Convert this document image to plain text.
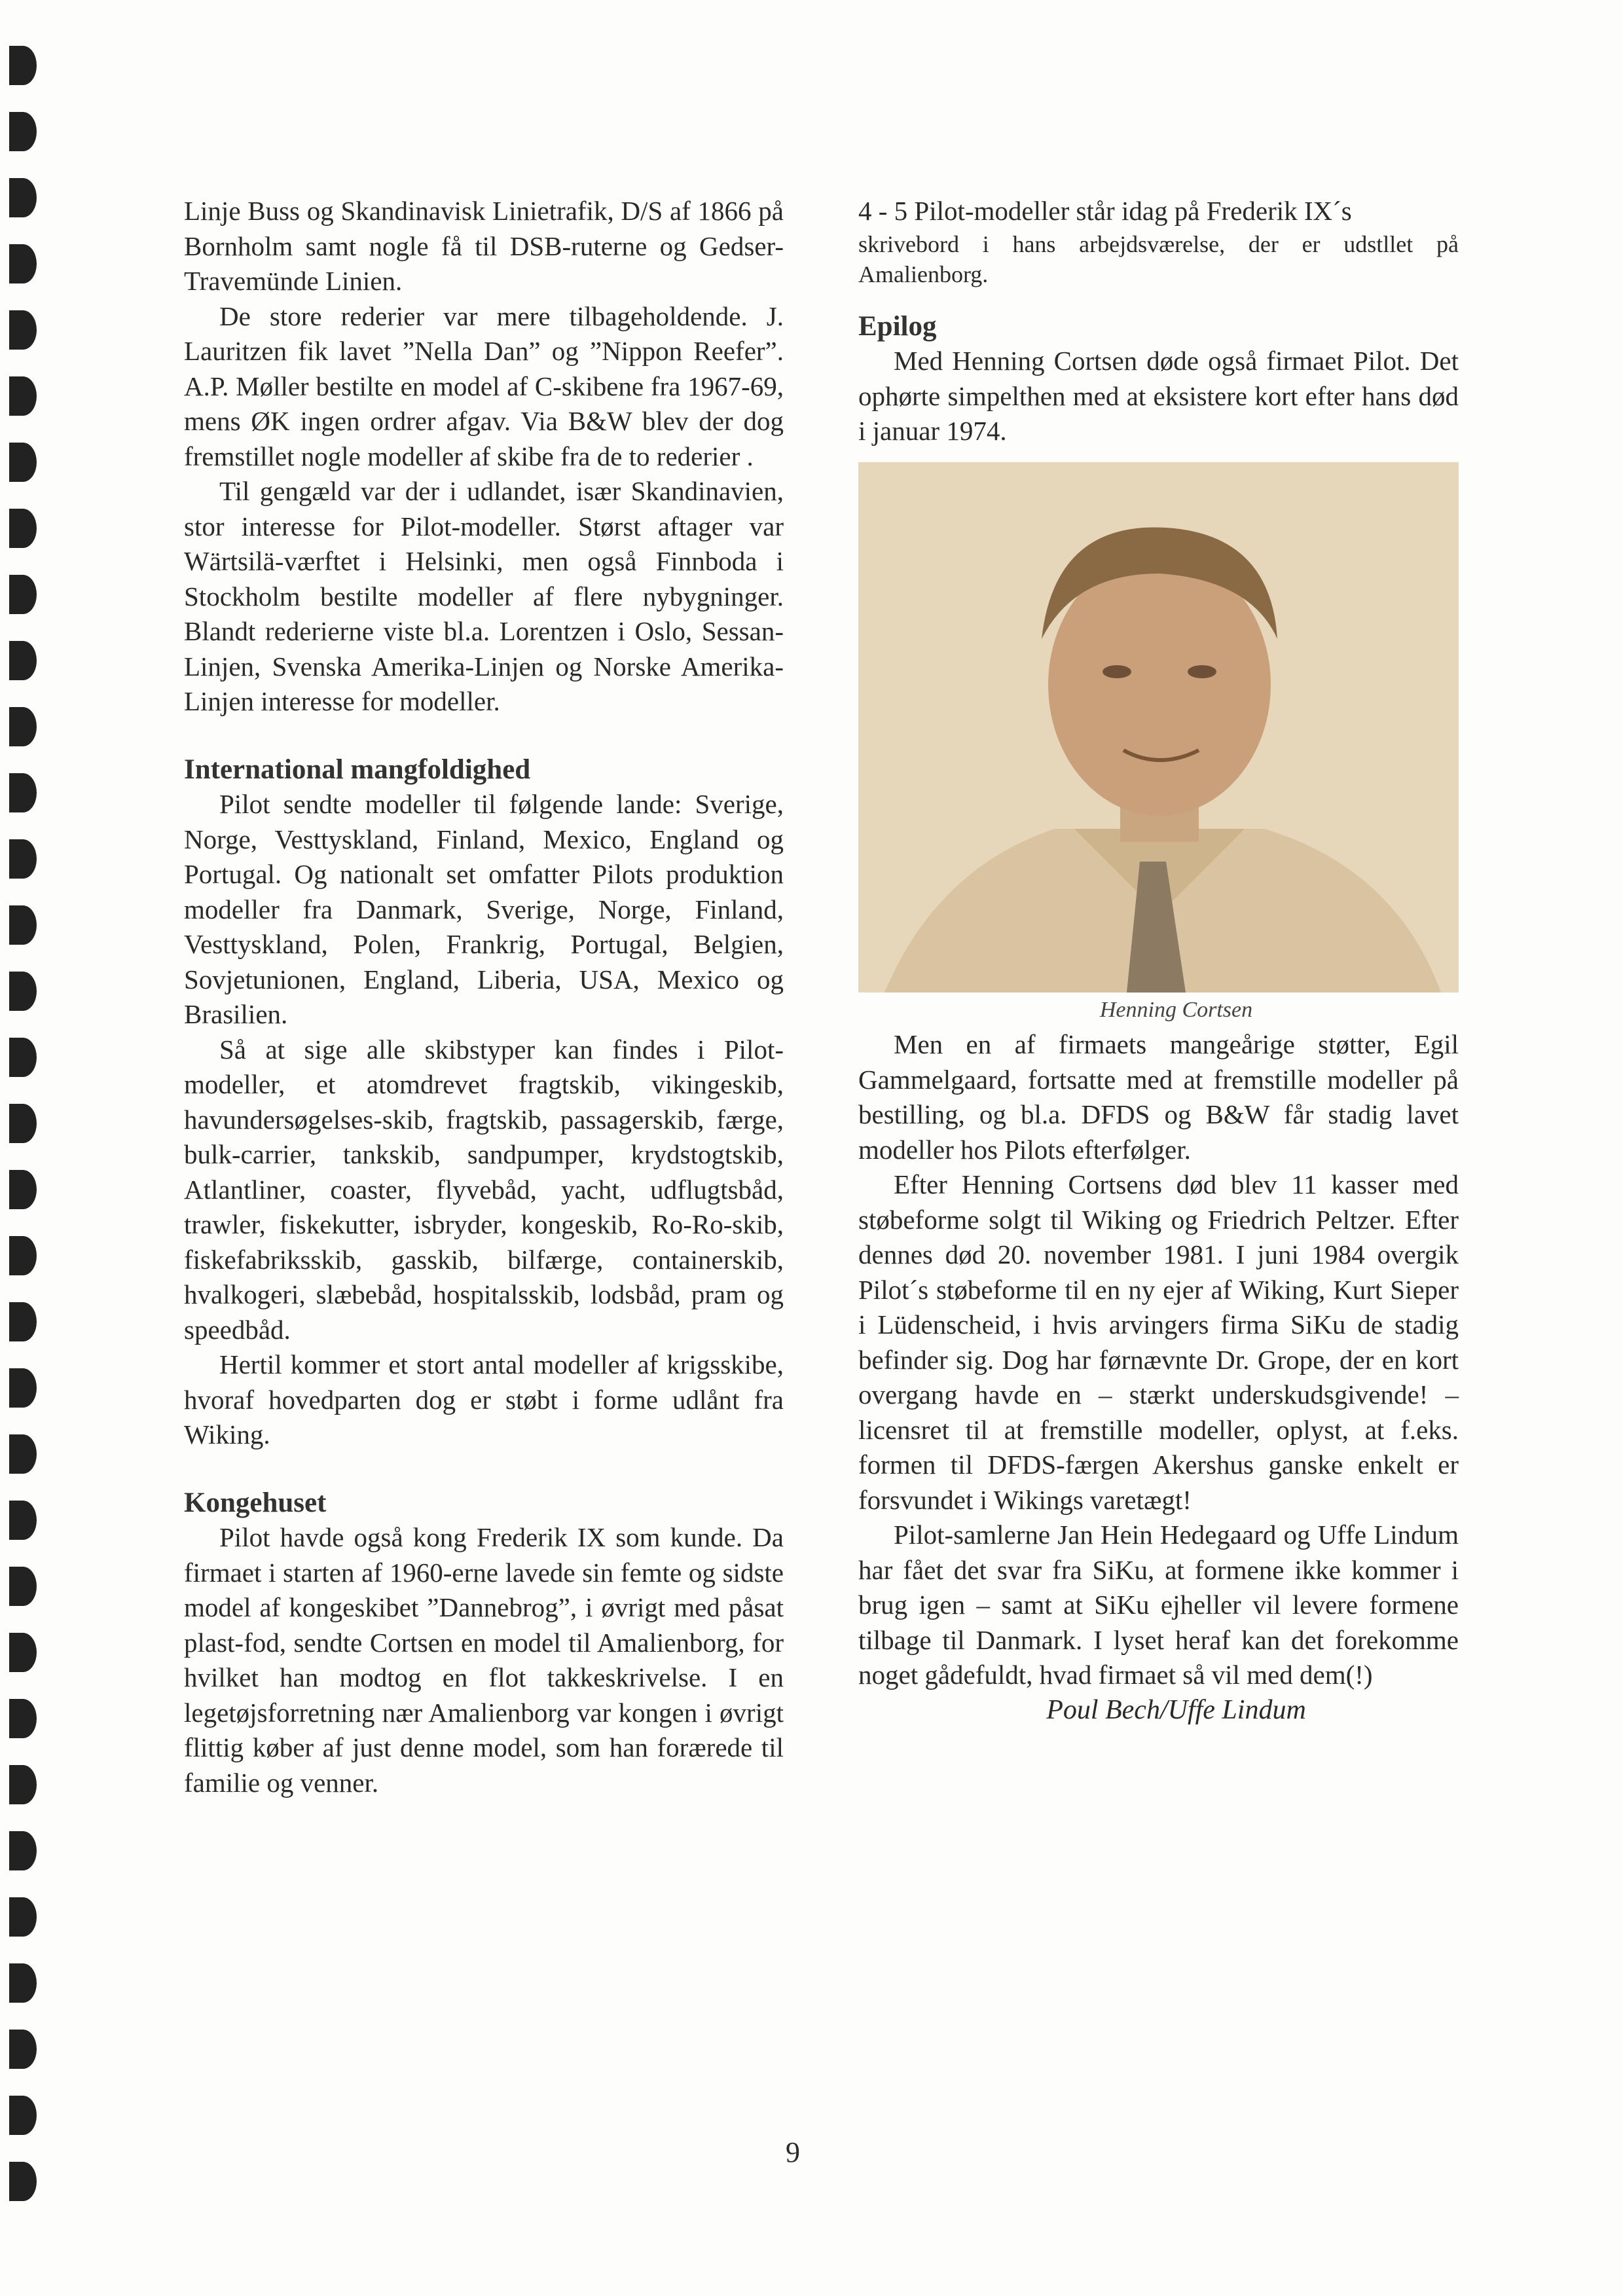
Linje Buss og Skandinavisk Linietrafik, D/S af 1866 på Bornholm samt nogle få til DSB-ruterne og Gedser-Travemünde Linien.

De store rederier var mere tilbageholdende. J. Lauritzen fik lavet ”Nella Dan” og ”Nippon Reefer”. A.P. Møller bestilte en model af C-skibene fra 1967-69, mens ØK ingen ordrer afgav. Via B&W blev der dog fremstillet nogle modeller af skibe fra de to rederier .

Til gengæld var der i udlandet, især Skandinavien, stor interesse for Pilot-modeller. Størst aftager var Wärtsilä-værftet i Helsinki, men også Finnboda i Stockholm bestilte modeller af flere nybygninger. Blandt rederierne viste bl.a. Lorentzen i Oslo, Sessan-Linjen, Svenska Amerika-Linjen og Norske Amerika-Linjen interesse for modeller.

International mangfoldighed

Pilot sendte modeller til følgende lande: Sverige, Norge, Vesttyskland, Finland, Mexico, England og Portugal. Og nationalt set omfatter Pilots produktion modeller fra Danmark, Sverige, Norge, Finland, Vesttyskland, Polen, Frankrig, Portugal, Belgien, Sovjetunionen, England, Liberia, USA, Mexico og Brasilien.

Så at sige alle skibstyper kan findes i Pilot-modeller, et atomdrevet fragtskib, vikingeskib, havundersøgelses-skib, fragtskib, passagerskib, færge, bulk-carrier, tankskib, sandpumper, krydstogtskib, Atlantliner, coaster, flyvebåd, yacht, udflugtsbåd, trawler, fiskekutter, isbryder, kongeskib, Ro-Ro-skib, fiskefabriksskib, gasskib, bilfærge, containerskib, hvalkogeri, slæbebåd, hospitalsskib, lodsbåd, pram og speedbåd.

Hertil kommer et stort antal modeller af krigsskibe, hvoraf hovedparten dog er støbt i forme udlånt fra Wiking.

Kongehuset

Pilot havde også kong Frederik IX som kunde. Da firmaet i starten af 1960-erne lavede sin femte og sidste model af kongeskibet ”Dannebrog”, i øvrigt med påsat plast-fod, sendte Cortsen en model til Amalienborg, for hvilket han modtog en flot takkeskrivelse. I en legetøjsforretning nær Amalienborg var kongen i øvrigt flittig køber af just denne model, som han forærede til familie og venner.

4 - 5 Pilot-modeller står idag på Frederik IX´s

skrivebord i hans arbejdsværelse, der er udstllet på Amalienborg.

Epilog

Med Henning Cortsen døde også firmaet Pilot. Det ophørte simpelthen med at eksistere kort efter hans død i januar 1974.

Henning Cortsen

Men en af firmaets mangeårige støtter, Egil Gammelgaard, fortsatte med at fremstille modeller på bestilling, og bl.a. DFDS og B&W får stadig lavet modeller hos Pilots efterfølger.

Efter Henning Cortsens død blev 11 kasser med støbeforme solgt til Wiking og Friedrich Peltzer. Efter dennes død 20. november 1981. I juni 1984 overgik Pilot´s støbeforme til en ny ejer af Wiking, Kurt Sieper i Lüdenscheid, i hvis arvingers firma SiKu de stadig befinder sig. Dog har førnævnte Dr. Grope, der en kort overgang havde en – stærkt underskudsgivende! – licensret til at fremstille modeller, oplyst, at f.eks. formen til DFDS-færgen Akershus ganske enkelt er forsvundet i Wikings varetægt!

Pilot-samlerne Jan Hein Hedegaard og Uffe Lindum har fået det svar fra SiKu, at formene ikke kommer i brug igen – samt at SiKu ejheller vil levere formene tilbage til Danmark. I lyset heraf kan det forekomme noget gådefuldt, hvad firmaet så vil med dem(!)

Poul Bech/Uffe Lindum

9
